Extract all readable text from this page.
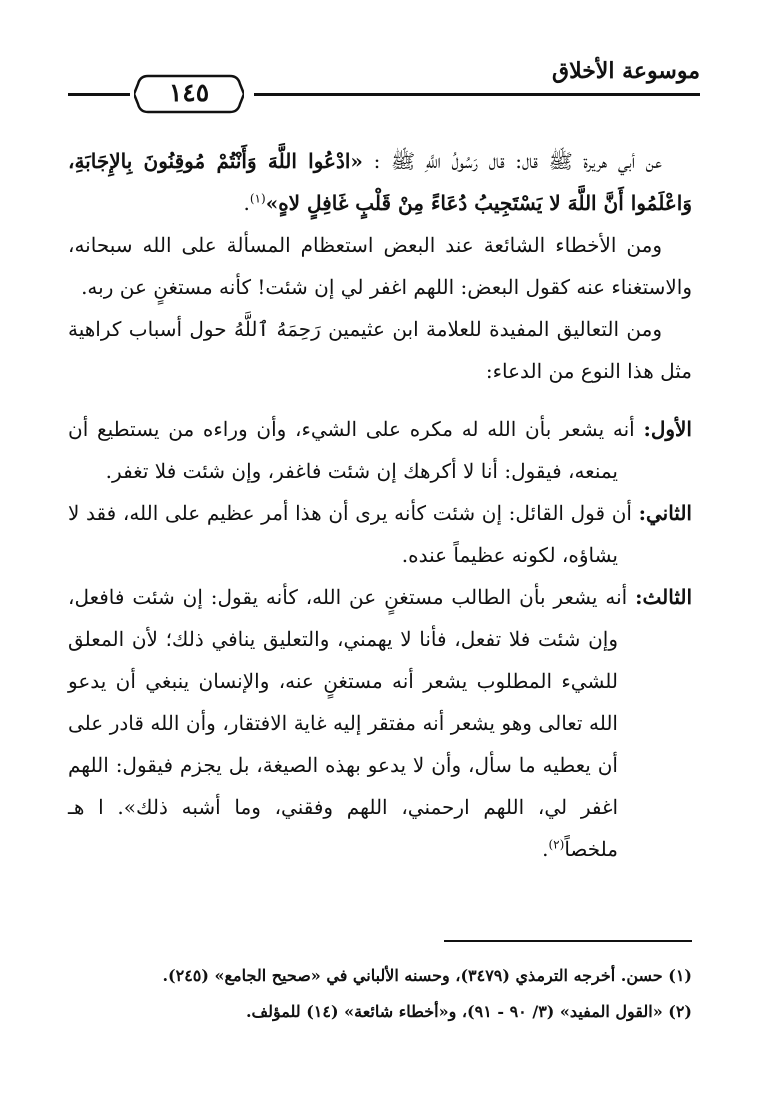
موسوعة الأخلاق
١٤٥

عن أبي هريرة ﷺ قال: قال رَسُولُ اللَّهِ ﷺ : «ادْعُوا اللَّهَ وَأَنْتُمْ مُوقِنُونَ بِالإِجَابَةِ، وَاعْلَمُوا أَنَّ اللَّهَ لا يَسْتَجِيبُ دُعَاءً مِنْ قَلْبٍ غَافِلٍ لاهٍ»$^{(١)}$.

ومن الأخطاء الشائعة عند البعض استعظام المسألة على الله سبحانه، والاستغناء عنه كقول البعض: اللهم اغفر لي إن شئت! كأنه مستغنٍ عن ربه.

ومن التعاليق المفيدة للعلامة ابن عثيمين رَحِمَهُ ٱللَّهُ حول أسباب كراهية مثل هذا النوع من الدعاء:

الأول: أنه يشعر بأن الله له مكره على الشيء، وأن وراءه من يستطيع أن يمنعه، فيقول: أنا لا أكرهك إن شئت فاغفر، وإن شئت فلا تغفر.

الثاني: أن قول القائل: إن شئت كأنه يرى أن هذا أمر عظيم على الله، فقد لا يشاؤه، لكونه عظيماً عنده.

الثالث: أنه يشعر بأن الطالب مستغنٍ عن الله، كأنه يقول: إن شئت فافعل، وإن شئت فلا تفعل، فأنا لا يهمني، والتعليق ينافي ذلك؛ لأن المعلق للشيء المطلوب يشعر أنه مستغنٍ عنه، والإنسان ينبغي أن يدعو الله تعالى وهو يشعر أنه مفتقر إليه غاية الافتقار، وأن الله قادر على أن يعطيه ما سأل، وأن لا يدعو بهذه الصيغة، بل يجزم فيقول: اللهم اغفر لي، اللهم ارحمني، اللهم وفقني، وما أشبه ذلك». ا هـ ملخصاً$^{(٢)}$.

(١) حسن. أخرجه الترمذي (٣٤٧٩)، وحسنه الألباني في «صحيح الجامع» (٢٤٥).

(٢) «القول المفيد» (٣/ ٩٠ - ٩١)، و«أخطاء شائعة» (١٤) للمؤلف.
